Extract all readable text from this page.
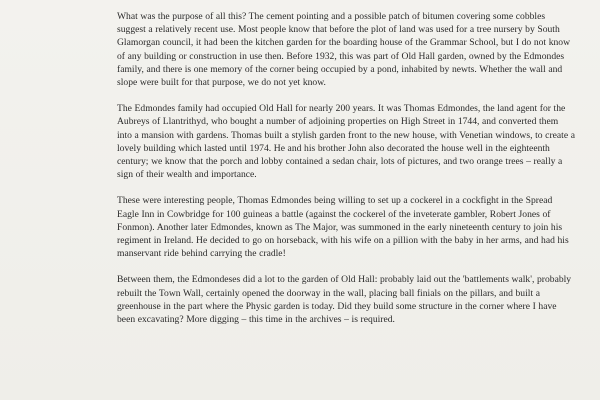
What was the purpose of all this? The cement pointing and a possible patch of bitumen covering some cobbles suggest a relatively recent use. Most people know that before the plot of land was used for a tree nursery by South Glamorgan council, it had been the kitchen garden for the boarding house of the Grammar School, but I do not know of any building or construction in use then. Before 1932, this was part of Old Hall garden, owned by the Edmondes family, and there is one memory of the corner being occupied by a pond, inhabited by newts. Whether the wall and slope were built for that purpose, we do not yet know.

The Edmondes family had occupied Old Hall for nearly 200 years. It was Thomas Edmondes, the land agent for the Aubreys of Llantrithyd, who bought a number of adjoining properties on High Street in 1744, and converted them into a mansion with gardens. Thomas built a stylish garden front to the new house, with Venetian windows, to create a lovely building which lasted until 1974. He and his brother John also decorated the house well in the eighteenth century; we know that the porch and lobby contained a sedan chair, lots of pictures, and two orange trees – really a sign of their wealth and importance.

These were interesting people, Thomas Edmondes being willing to set up a cockerel in a cockfight in the Spread Eagle Inn in Cowbridge for 100 guineas a battle (against the cockerel of the inveterate gambler, Robert Jones of Fonmon). Another later Edmondes, known as The Major, was summoned in the early nineteenth century to join his regiment in Ireland. He decided to go on horseback, with his wife on a pillion with the baby in her arms, and had his manservant ride behind carrying the cradle!

Between them, the Edmondeses did a lot to the garden of Old Hall: probably laid out the 'battlements walk', probably rebuilt the Town Wall, certainly opened the doorway in the wall, placing ball finials on the pillars, and built a greenhouse in the part where the Physic garden is today. Did they build some structure in the corner where I have been excavating? More digging – this time in the archives – is required.
